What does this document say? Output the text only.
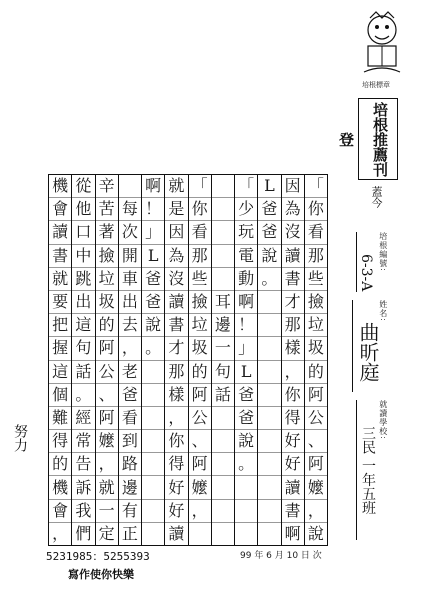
培根標章
培根推薦刊登
蓋今
培根編號:
6-3-A
姓名:
曲昕庭
就讀學校:
三民 一年五班
「
你
看
那
些
撿
垃
圾
的
阿
公
、
阿
嬤
，
說
因
為
沒
讀
書
才
那
樣
，
你
得
好
好
讀
書
啊
L
爸
爸
說
。
「
少
玩
電
動
啊
！
」
L
爸
爸
說
。
耳
邊
一
句
話
「
你
看
那
些
撿
垃
圾
的
阿
公
、
阿
嬤
，
就
是
因
為
沒
讀
書
才
那
樣
，
你
得
好
好
讀
啊
！
」
L
爸
爸
說
。
每
次
開
車
出
去
，
老
爸
看
到
路
邊
有
正
辛
苦
著
撿
垃
圾
的
阿
公
、
阿
嬤
，
就
一
定
從
他
口
中
跳
出
這
句
話
。
經
常
告
訴
我
們
機
會
讀
書
就
要
把
握
這
個
難
得
的
機
會
，
努力
99 年 6 月 10 日 次
5231985：5255393
寫作使你快樂
